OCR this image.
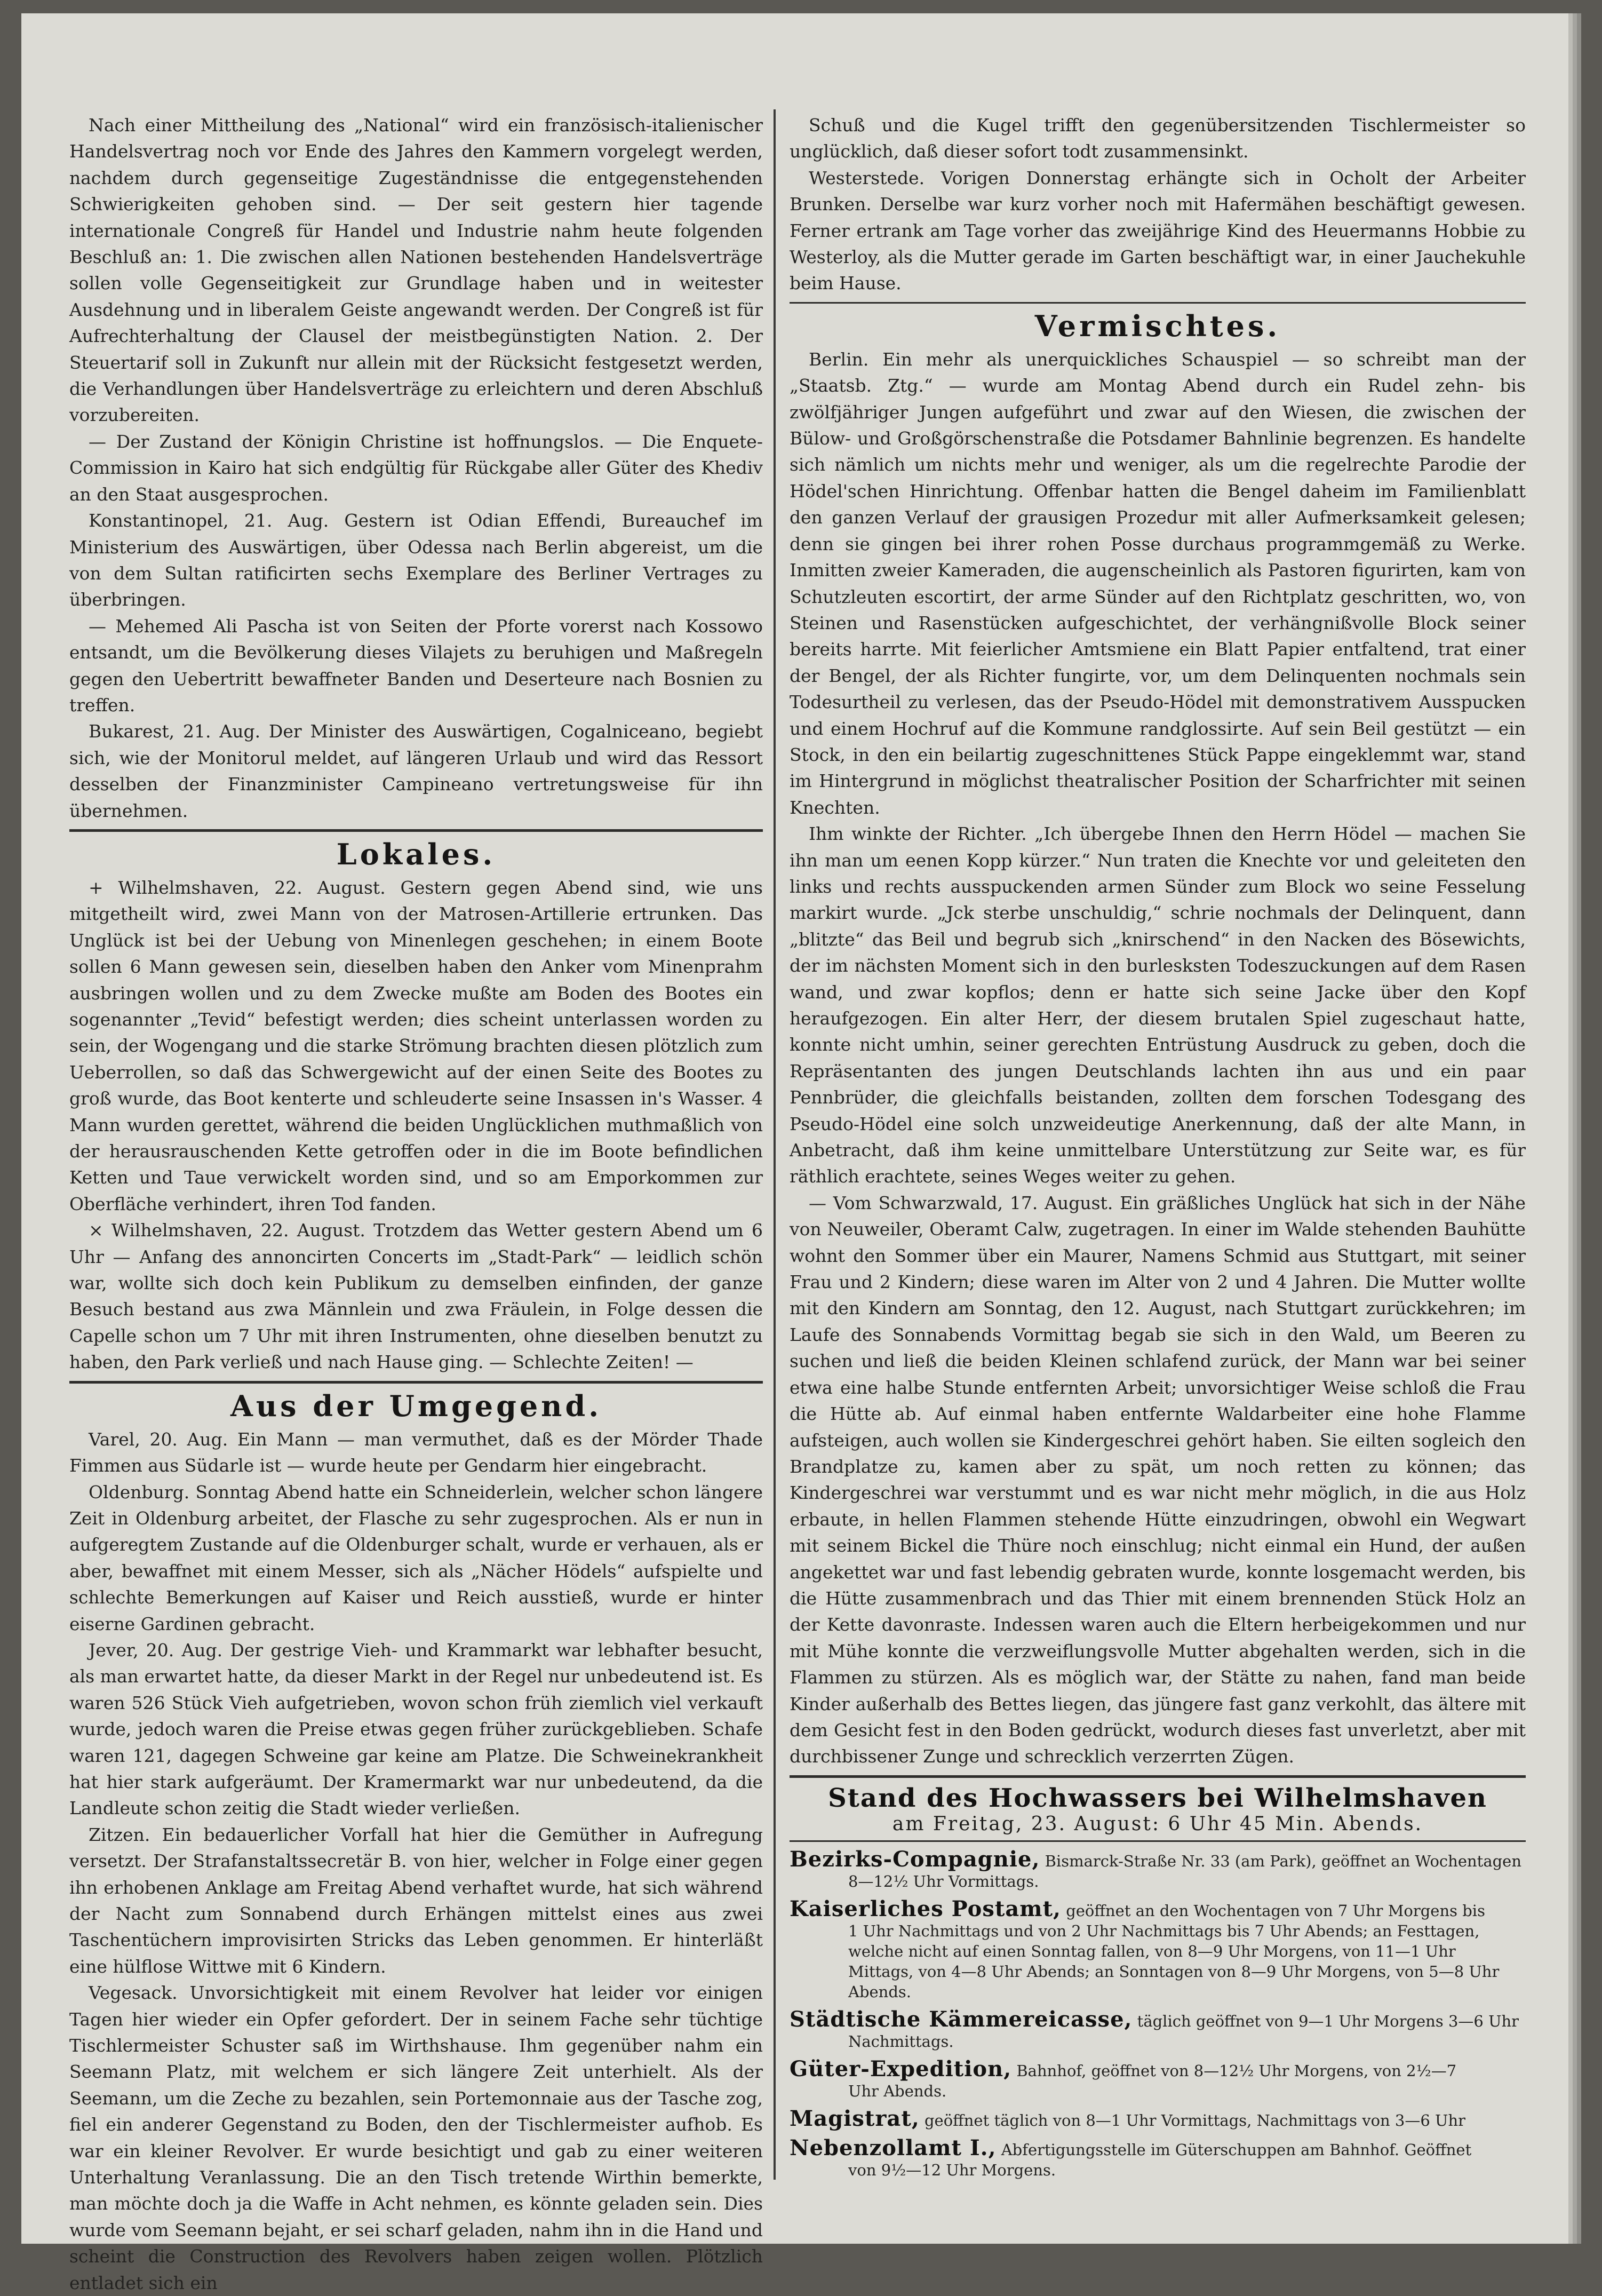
Nach einer Mittheilung des „National“ wird ein französisch-italienischer Handelsvertrag noch vor Ende des Jahres den Kammern vorgelegt werden, nachdem durch gegenseitige Zugeständnisse die entgegenstehenden Schwierigkeiten gehoben sind. — Der seit gestern hier tagende internationale Congreß für Handel und Industrie nahm heute folgenden Beschluß an: 1. Die zwischen allen Nationen bestehenden Handelsverträge sollen volle Gegenseitigkeit zur Grundlage haben und in weitester Ausdehnung und in liberalem Geiste angewandt werden. Der Congreß ist für Aufrechterhaltung der Clausel der meistbegünstigten Nation. 2. Der Steuertarif soll in Zukunft nur allein mit der Rücksicht festgesetzt werden, die Verhandlungen über Handelsverträge zu erleichtern und deren Abschluß vorzubereiten.

— Der Zustand der Königin Christine ist hoffnungslos. — Die Enquete-Commission in Kairo hat sich endgültig für Rückgabe aller Güter des Khediv an den Staat ausgesprochen.

Konstantinopel, 21. Aug. Gestern ist Odian Effendi, Bureauchef im Ministerium des Auswärtigen, über Odessa nach Berlin abgereist, um die von dem Sultan ratificirten sechs Exemplare des Berliner Vertrages zu überbringen.

— Mehemed Ali Pascha ist von Seiten der Pforte vorerst nach Kossowo entsandt, um die Bevölkerung dieses Vilajets zu beruhigen und Maßregeln gegen den Uebertritt bewaffneter Banden und Deserteure nach Bosnien zu treffen.

Bukarest, 21. Aug. Der Minister des Auswärtigen, Cogalniceano, begiebt sich, wie der Monitorul meldet, auf längeren Urlaub und wird das Ressort desselben der Finanzminister Campineano vertretungsweise für ihn übernehmen.

Lokales.

+ Wilhelmshaven, 22. August. Gestern gegen Abend sind, wie uns mitgetheilt wird, zwei Mann von der Matrosen-Artillerie ertrunken. Das Unglück ist bei der Uebung von Minenlegen geschehen; in einem Boote sollen 6 Mann gewesen sein, dieselben haben den Anker vom Minenprahm ausbringen wollen und zu dem Zwecke mußte am Boden des Bootes ein sogenannter „Tevid“ befestigt werden; dies scheint unterlassen worden zu sein, der Wogengang und die starke Strömung brachten diesen plötzlich zum Ueberrollen, so daß das Schwergewicht auf der einen Seite des Bootes zu groß wurde, das Boot kenterte und schleuderte seine Insassen in's Wasser. 4 Mann wurden gerettet, während die beiden Unglücklichen muthmaßlich von der herausrauschenden Kette getroffen oder in die im Boote befindlichen Ketten und Taue verwickelt worden sind, und so am Emporkommen zur Oberfläche verhindert, ihren Tod fanden.

× Wilhelmshaven, 22. August. Trotzdem das Wetter gestern Abend um 6 Uhr — Anfang des annoncirten Concerts im „Stadt-Park“ — leidlich schön war, wollte sich doch kein Publikum zu demselben einfinden, der ganze Besuch bestand aus zwa Männlein und zwa Fräulein, in Folge dessen die Capelle schon um 7 Uhr mit ihren Instrumenten, ohne dieselben benutzt zu haben, den Park verließ und nach Hause ging. — Schlechte Zeiten! —

Aus der Umgegend.

Varel, 20. Aug. Ein Mann — man vermuthet, daß es der Mörder Thade Fimmen aus Südarle ist — wurde heute per Gendarm hier eingebracht.

Oldenburg. Sonntag Abend hatte ein Schneiderlein, welcher schon längere Zeit in Oldenburg arbeitet, der Flasche zu sehr zugesprochen. Als er nun in aufgeregtem Zustande auf die Oldenburger schalt, wurde er verhauen, als er aber, bewaffnet mit einem Messer, sich als „Nächer Hödels“ aufspielte und schlechte Bemerkungen auf Kaiser und Reich ausstieß, wurde er hinter eiserne Gardinen gebracht.

Jever, 20. Aug. Der gestrige Vieh- und Krammarkt war lebhafter besucht, als man erwartet hatte, da dieser Markt in der Regel nur unbedeutend ist. Es waren 526 Stück Vieh aufgetrieben, wovon schon früh ziemlich viel verkauft wurde, jedoch waren die Preise etwas gegen früher zurückgeblieben. Schafe waren 121, dagegen Schweine gar keine am Platze. Die Schweinekrankheit hat hier stark aufgeräumt. Der Kramermarkt war nur unbedeutend, da die Landleute schon zeitig die Stadt wieder verließen.

Zitzen. Ein bedauerlicher Vorfall hat hier die Gemüther in Aufregung versetzt. Der Strafanstaltssecretär B. von hier, welcher in Folge einer gegen ihn erhobenen Anklage am Freitag Abend verhaftet wurde, hat sich während der Nacht zum Sonnabend durch Erhängen mittelst eines aus zwei Taschentüchern improvisirten Stricks das Leben genommen. Er hinterläßt eine hülflose Wittwe mit 6 Kindern.

Vegesack. Unvorsichtigkeit mit einem Revolver hat leider vor einigen Tagen hier wieder ein Opfer gefordert. Der in seinem Fache sehr tüchtige Tischlermeister Schuster saß im Wirthshause. Ihm gegenüber nahm ein Seemann Platz, mit welchem er sich längere Zeit unterhielt. Als der Seemann, um die Zeche zu bezahlen, sein Portemonnaie aus der Tasche zog, fiel ein anderer Gegenstand zu Boden, den der Tischlermeister aufhob. Es war ein kleiner Revolver. Er wurde besichtigt und gab zu einer weiteren Unterhaltung Veranlassung. Die an den Tisch tretende Wirthin bemerkte, man möchte doch ja die Waffe in Acht nehmen, es könnte geladen sein. Dies wurde vom Seemann bejaht, er sei scharf geladen, nahm ihn in die Hand und scheint die Construction des Revolvers haben zeigen wollen. Plötzlich entladet sich ein

Schuß und die Kugel trifft den gegenübersitzenden Tischlermeister so unglücklich, daß dieser sofort todt zusammensinkt.

Westerstede. Vorigen Donnerstag erhängte sich in Ocholt der Arbeiter Brunken. Derselbe war kurz vorher noch mit Hafermähen beschäftigt gewesen. Ferner ertrank am Tage vorher das zweijährige Kind des Heuermanns Hobbie zu Westerloy, als die Mutter gerade im Garten beschäftigt war, in einer Jauchekuhle beim Hause.

Vermischtes.

Berlin. Ein mehr als unerquickliches Schauspiel — so schreibt man der „Staatsb. Ztg.“ — wurde am Montag Abend durch ein Rudel zehn- bis zwölfjähriger Jungen aufgeführt und zwar auf den Wiesen, die zwischen der Bülow- und Großgörschenstraße die Potsdamer Bahnlinie begrenzen. Es handelte sich nämlich um nichts mehr und weniger, als um die regelrechte Parodie der Hödel'schen Hinrichtung. Offenbar hatten die Bengel daheim im Familienblatt den ganzen Verlauf der grausigen Prozedur mit aller Aufmerksamkeit gelesen; denn sie gingen bei ihrer rohen Posse durchaus programmgemäß zu Werke. Inmitten zweier Kameraden, die augenscheinlich als Pastoren figurirten, kam von Schutzleuten escortirt, der arme Sünder auf den Richtplatz geschritten, wo, von Steinen und Rasenstücken aufgeschichtet, der verhängnißvolle Block seiner bereits harrte. Mit feierlicher Amtsmiene ein Blatt Papier entfaltend, trat einer der Bengel, der als Richter fungirte, vor, um dem Delinquenten nochmals sein Todesurtheil zu verlesen, das der Pseudo-Hödel mit demonstrativem Ausspucken und einem Hochruf auf die Kommune randglossirte. Auf sein Beil gestützt — ein Stock, in den ein beilartig zugeschnittenes Stück Pappe eingeklemmt war, stand im Hintergrund in möglichst theatralischer Position der Scharfrichter mit seinen Knechten.

Ihm winkte der Richter. „Ich übergebe Ihnen den Herrn Hödel — machen Sie ihn man um eenen Kopp kürzer.“ Nun traten die Knechte vor und geleiteten den links und rechts ausspuckenden armen Sünder zum Block wo seine Fesselung markirt wurde. „Jck sterbe unschuldig,“ schrie nochmals der Delinquent, dann „blitzte“ das Beil und begrub sich „knirschend“ in den Nacken des Bösewichts, der im nächsten Moment sich in den burlesksten Todeszuckungen auf dem Rasen wand, und zwar kopflos; denn er hatte sich seine Jacke über den Kopf heraufgezogen. Ein alter Herr, der diesem brutalen Spiel zugeschaut hatte, konnte nicht umhin, seiner gerechten Entrüstung Ausdruck zu geben, doch die Repräsentanten des jungen Deutschlands lachten ihn aus und ein paar Pennbrüder, die gleichfalls beistanden, zollten dem forschen Todesgang des Pseudo-Hödel eine solch unzweideutige Anerkennung, daß der alte Mann, in Anbetracht, daß ihm keine unmittelbare Unterstützung zur Seite war, es für räthlich erachtete, seines Weges weiter zu gehen.

— Vom Schwarzwald, 17. August. Ein gräßliches Unglück hat sich in der Nähe von Neuweiler, Oberamt Calw, zugetragen. In einer im Walde stehenden Bauhütte wohnt den Sommer über ein Maurer, Namens Schmid aus Stuttgart, mit seiner Frau und 2 Kindern; diese waren im Alter von 2 und 4 Jahren. Die Mutter wollte mit den Kindern am Sonntag, den 12. August, nach Stuttgart zurückkehren; im Laufe des Sonnabends Vormittag begab sie sich in den Wald, um Beeren zu suchen und ließ die beiden Kleinen schlafend zurück, der Mann war bei seiner etwa eine halbe Stunde entfernten Arbeit; unvorsichtiger Weise schloß die Frau die Hütte ab. Auf einmal haben entfernte Waldarbeiter eine hohe Flamme aufsteigen, auch wollen sie Kindergeschrei gehört haben. Sie eilten sogleich den Brandplatze zu, kamen aber zu spät, um noch retten zu können; das Kindergeschrei war verstummt und es war nicht mehr möglich, in die aus Holz erbaute, in hellen Flammen stehende Hütte einzudringen, obwohl ein Wegwart mit seinem Bickel die Thüre noch einschlug; nicht einmal ein Hund, der außen angekettet war und fast lebendig gebraten wurde, konnte losgemacht werden, bis die Hütte zusammenbrach und das Thier mit einem brennenden Stück Holz an der Kette davonraste. Indessen waren auch die Eltern herbeigekommen und nur mit Mühe konnte die verzweiflungsvolle Mutter abgehalten werden, sich in die Flammen zu stürzen. Als es möglich war, der Stätte zu nahen, fand man beide Kinder außerhalb des Bettes liegen, das jüngere fast ganz verkohlt, das ältere mit dem Gesicht fest in den Boden gedrückt, wodurch dieses fast unverletzt, aber mit durchbissener Zunge und schrecklich verzerrten Zügen.

Stand des Hochwassers bei Wilhelmshaven
am Freitag, 23. August: 6 Uhr 45 Min. Abends.
Bezirks-Compagnie, Bismarck-Straße Nr. 33 (am Park), geöffnet an Wochentagen
8—12½ Uhr Vormittags.
Kaiserliches Postamt, geöffnet an den Wochentagen von 7 Uhr Morgens bis
1 Uhr Nachmittags und von 2 Uhr Nachmittags bis 7 Uhr Abends; an Festtagen, welche nicht auf einen Sonntag fallen, von 8—9 Uhr Morgens, von 11—1 Uhr Mittags, von 4—8 Uhr Abends; an Sonntagen von 8—9 Uhr Morgens, von 5—8 Uhr Abends.
Städtische Kämmereicasse, täglich geöffnet von 9—1 Uhr Morgens 3—6 Uhr
Nachmittags.
Güter-Expedition, Bahnhof, geöffnet von 8—12½ Uhr Morgens, von 2½—7
Uhr Abends.
Magistrat, geöffnet täglich von 8—1 Uhr Vormittags, Nachmittags von 3—6 Uhr
Nebenzollamt I., Abfertigungsstelle im Güterschuppen am Bahnhof. Geöffnet
von 9½—12 Uhr Morgens.
